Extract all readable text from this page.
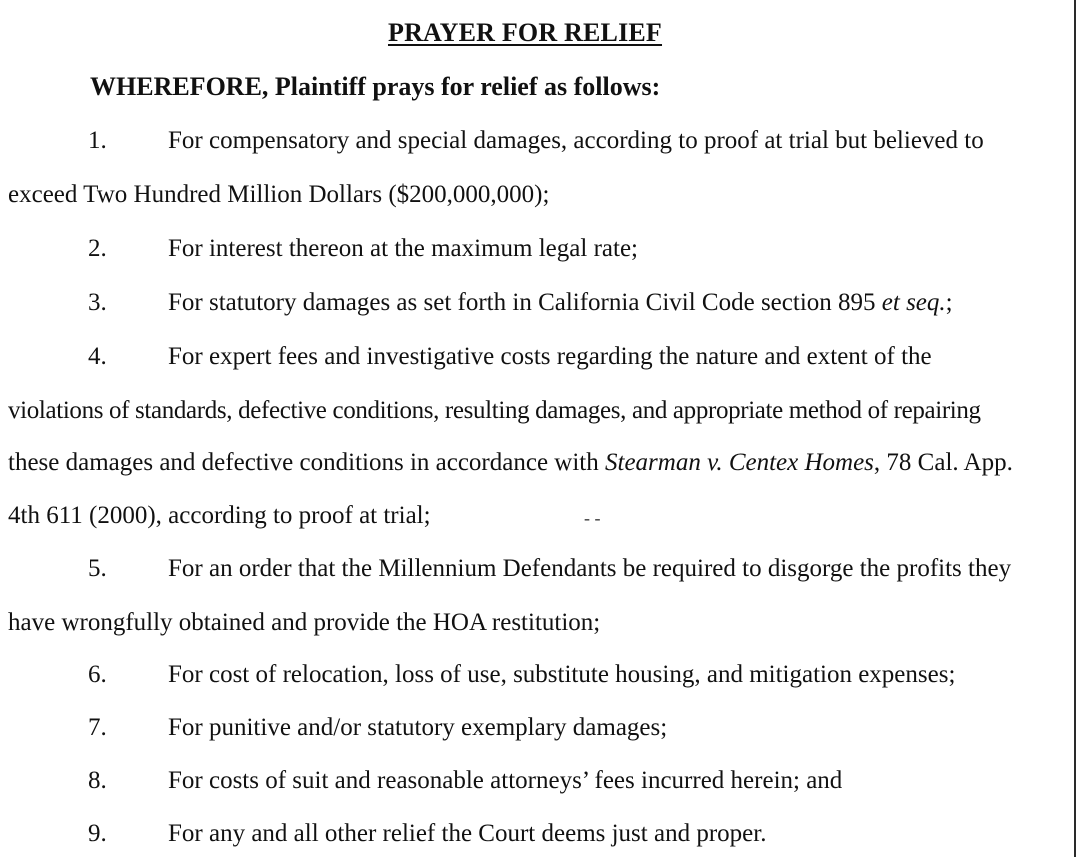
PRAYER FOR RELIEF
WHEREFORE, Plaintiff prays for relief as follows:
1. For compensatory and special damages, according to proof at trial but believed to
exceed Two Hundred Million Dollars ($200,000,000);
2. For interest thereon at the maximum legal rate;
3. For statutory damages as set forth in California Civil Code section 895 et seq.;
4. For expert fees and investigative costs regarding the nature and extent of the
violations of standards, defective conditions, resulting damages, and appropriate method of repairing
these damages and defective conditions in accordance with Stearman v. Centex Homes, 78 Cal. App.
4th 611 (2000), according to proof at trial;	- -
5. For an order that the Millennium Defendants be required to disgorge the profits they
have wrongfully obtained and provide the HOA restitution;
6. For cost of relocation, loss of use, substitute housing, and mitigation expenses;
7. For punitive and/or statutory exemplary damages;
8. For costs of suit and reasonable attorneys’ fees incurred herein; and
9. For any and all other relief the Court deems just and proper.
